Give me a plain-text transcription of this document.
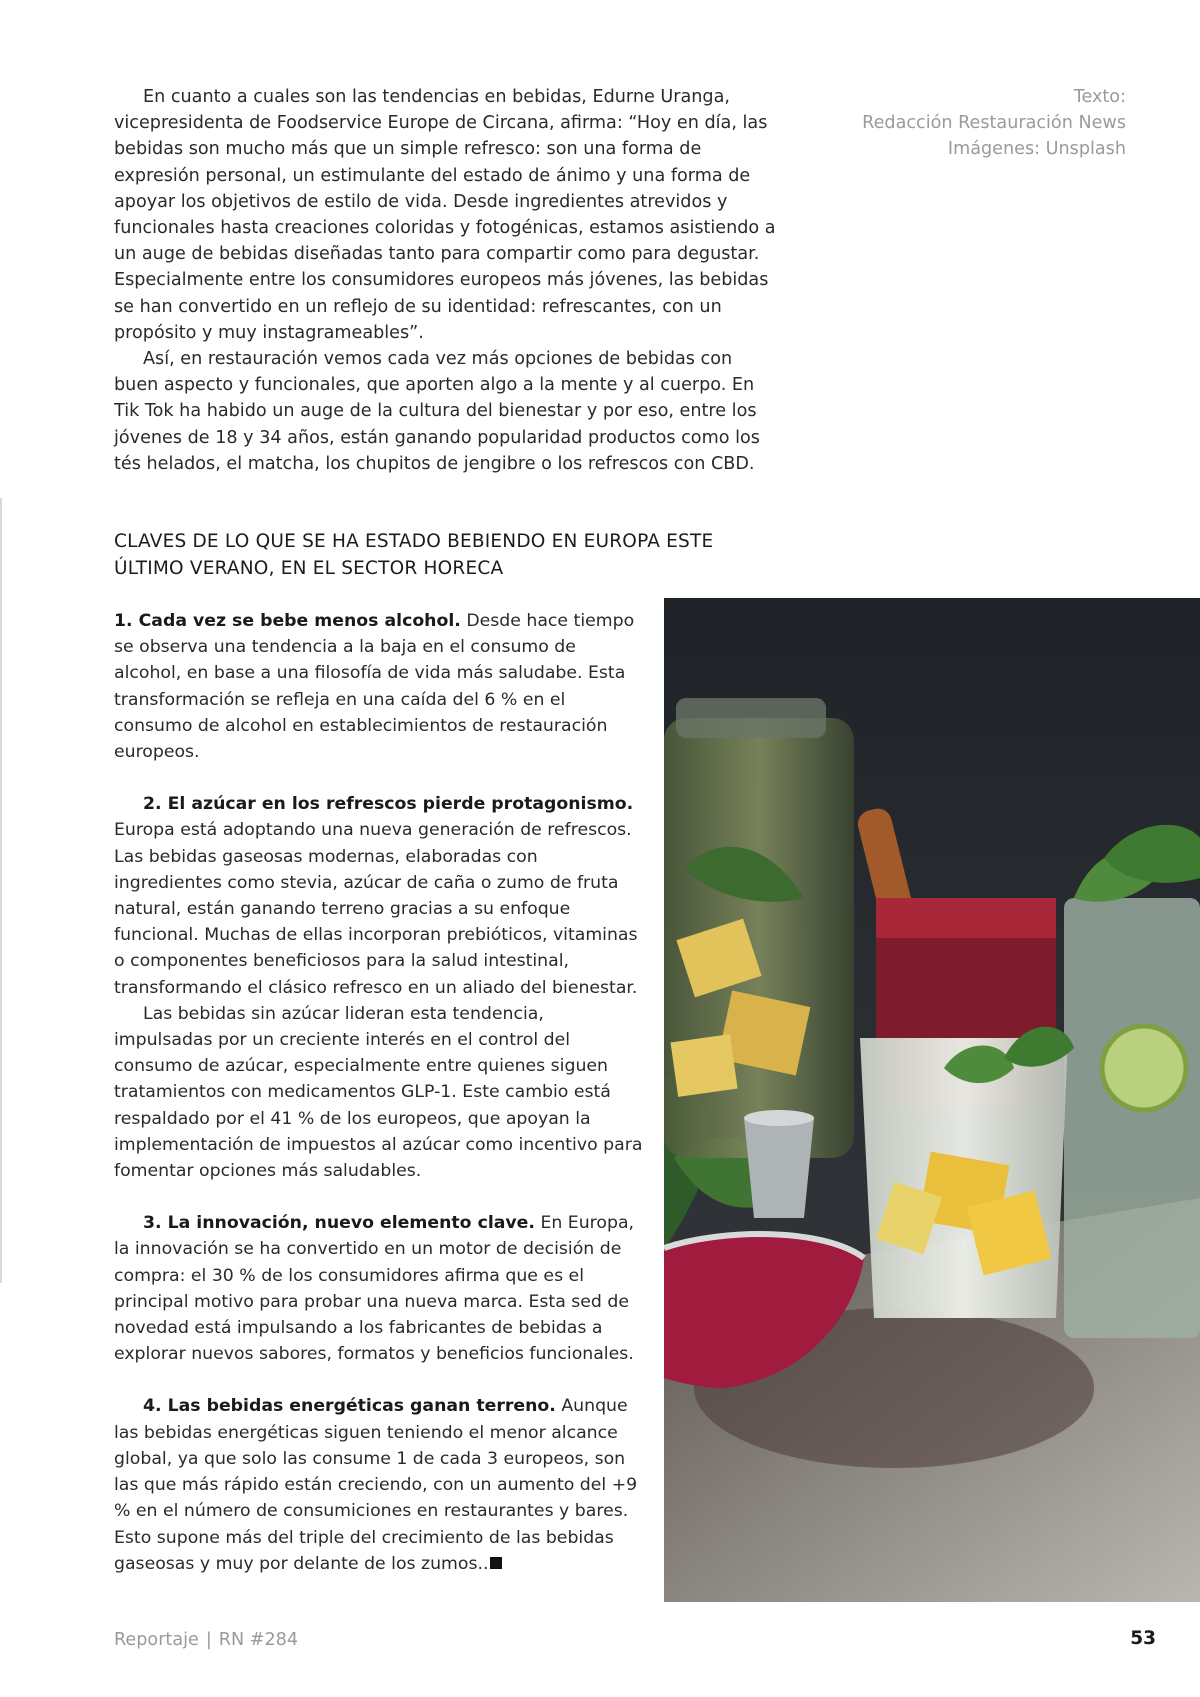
En cuanto a cuales son las tendencias en bebidas, Edurne Uranga, vicepresidenta de Foodservice Europe de Circana, afirma: “Hoy en día, las bebidas son mucho más que un simple refresco: son una forma de expresión personal, un estimulante del estado de ánimo y una forma de apoyar los objetivos de estilo de vida. Desde ingredientes atrevidos y funcionales hasta creaciones coloridas y fotogénicas, estamos asistiendo a un auge de bebidas diseñadas tanto para compartir como para degustar. Especialmente entre los consumidores europeos más jóvenes, las bebidas se han convertido en un reflejo de su identidad: refrescantes, con un propósito y muy instagrameables”.

Así, en restauración vemos cada vez más opciones de bebidas con buen aspecto y funcionales, que aporten algo a la mente y al cuerpo. En Tik Tok ha habido un auge de la cultura del bienestar y por eso, entre los jóvenes de 18 y 34 años, están ganando popularidad productos como los tés helados, el matcha, los chupitos de jengibre o los refrescos con CBD.

Texto:
Redacción Restauración News
Imágenes: Unsplash
CLAVES DE LO QUE SE HA ESTADO BEBIENDO EN EUROPA ESTE
ÚLTIMO VERANO, EN EL SECTOR HORECA

1. Cada vez se bebe menos alcohol. Desde hace tiempo se observa una tendencia a la baja en el consumo de alcohol, en base a una filosofía de vida más saludabe. Esta transformación se refleja en una caída del 6 % en el consumo de alcohol en establecimientos de restauración europeos.

2. El azúcar en los refrescos pierde protagonismo. Europa está adoptando una nueva generación de refrescos. Las bebidas gaseosas modernas, elaboradas con ingredientes como stevia, azúcar de caña o zumo de fruta natural, están ganando terreno gracias a su enfoque funcional. Muchas de ellas incorporan prebióticos, vitaminas o componentes beneficiosos para la salud intestinal, transformando el clásico refresco en un aliado del bienestar.

Las bebidas sin azúcar lideran esta tendencia, impulsadas por un creciente interés en el control del consumo de azúcar, especialmente entre quienes siguen tratamientos con medicamentos GLP-1. Este cambio está respaldado por el 41 % de los europeos, que apoyan la implementación de impuestos al azúcar como incentivo para fomentar opciones más saludables.

3. La innovación, nuevo elemento clave. En Europa, la innovación se ha convertido en un motor de decisión de compra: el 30 % de los consumidores afirma que es el principal motivo para probar una nueva marca. Esta sed de novedad está impulsando a los fabricantes de bebidas a explorar nuevos sabores, formatos y beneficios funcionales.

4. Las bebidas energéticas ganan terreno. Aunque las bebidas energéticas siguen teniendo el menor alcance global, ya que solo las consume 1 de cada 3 europeos, son las que más rápido están creciendo, con un aumento del +9 % en el número de consumiciones en restaurantes y bares. Esto supone más del triple del crecimiento de las bebidas gaseosas y muy por delante de los zumos..

Reportaje | RN #284	53
